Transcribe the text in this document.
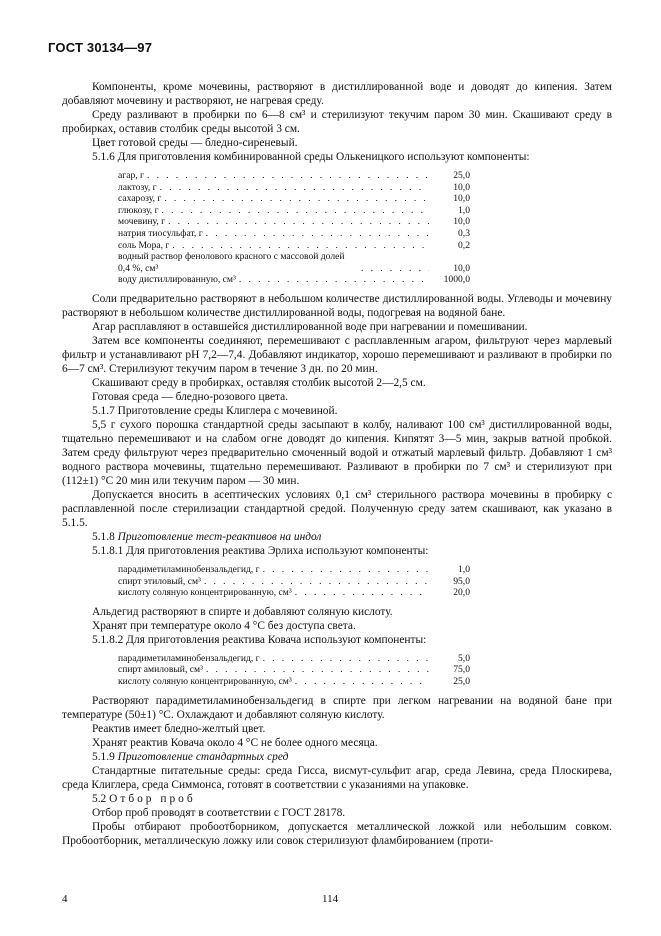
ГОСТ 30134—97

Компоненты, кроме мочевины, растворяют в дистиллированной воде и доводят до кипения. Затем добавляют мочевину и растворяют, не нагревая среду.

Среду разливают в пробирки по 6—8 см³ и стерилизуют текучим паром 30 мин. Скашивают среду в пробирках, оставив столбик среды высотой 3 см.

Цвет готовой среды — бледно-сиреневый.

5.1.6 Для приготовления комбинированной среды Олькеницкого используют компоненты:

агар, г . . .	25,0
лактозу, г . . .	10,0
сахарозу, г . . .	10,0
глюкозу, г . . .	1,0
мочевину, г . . .	10,0
натрия тиосульфат, г . . .	0,3
соль Мора, г . . .	0,2
водный раствор фенолового красного с массовой долей 0,4 %, см³ . . .	10,0
воду дистиллированную, см³ . . .	1000,0

Соли предварительно растворяют в небольшом количестве дистиллированной воды. Углеводы и мочевину растворяют в небольшом количестве дистиллированной воды, подогревая на водяной бане.

Агар расплавляют в оставшейся дистиллированной воде при нагревании и помешивании.

Затем все компоненты соединяют, перемешивают с расплавленным агаром, фильтруют через марлевый фильтр и устанавливают pH 7,2—7,4. Добавляют индикатор, хорошо перемешивают и разливают в пробирки по 6—7 см³. Стерилизуют текучим паром в течение 3 дн. по 20 мин.

Скашивают среду в пробирках, оставляя столбик высотой 2—2,5 см.

Готовая среда — бледно-розового цвета.

5.1.7 Приготовление среды Клиглера с мочевиной.

5,5 г сухого порошка стандартной среды засыпают в колбу, наливают 100 см³ дистиллированной воды, тщательно перемешивают и на слабом огне доводят до кипения. Кипятят 3—5 мин, закрыв ватной пробкой. Затем среду фильтруют через предварительно смоченный водой и отжатый марлевый фильтр. Добавляют 1 см³ водного раствора мочевины, тщательно перемешивают. Разливают в пробирки по 7 см³ и стерилизуют при (112±1) °С 20 мин или текучим паром — 30 мин.

Допускается вносить в асептических условиях 0,1 см³ стерильного раствора мочевины в пробирку с расплавленной после стерилизации стандартной средой. Полученную среду затем скашивают, как указано в 5.1.5.

5.1.8 Приготовление тест-реактивов на индол

5.1.8.1 Для приготовления реактива Эрлиха используют компоненты:

парадиметиламинобензальдегид, г . . .	1,0
спирт этиловый, см³ . . .	95,0
кислоту соляную концентрированную, см³ . . .	20,0

Альдегид растворяют в спирте и добавляют соляную кислоту.

Хранят при температуре около 4 °С без доступа света.

5.1.8.2 Для приготовления реактива Ковача используют компоненты:

парадиметиламинобензальдегид, г . . .	5,0
спирт амиловый, см³ . . .	75,0
кислоту соляную концентрированную, см³ . . .	25,0

Растворяют парадиметиламинобензальдегид в спирте при легком нагревании на водяной бане при температуре (50±1) °С. Охлаждают и добавляют соляную кислоту.

Реактив имеет бледно-желтый цвет.

Хранят реактив Ковача около 4 °С не более одного месяца.

5.1.9 Приготовление стандартных сред

Стандартные питательные среды: среда Гисса, висмут-сульфит агар, среда Левина, среда Плоскирева, среда Клиглера, среда Симмонса, готовят в соответствии с указаниями на упаковке.

5.2 Отбор проб

Отбор проб проводят в соответствии с ГОСТ 28178.

Пробы отбирают пробоотборником, допускается металлической ложкой или небольшим совком. Пробоотборник, металлическую ложку или совок стерилизуют фламбированием (проти-

4	114
